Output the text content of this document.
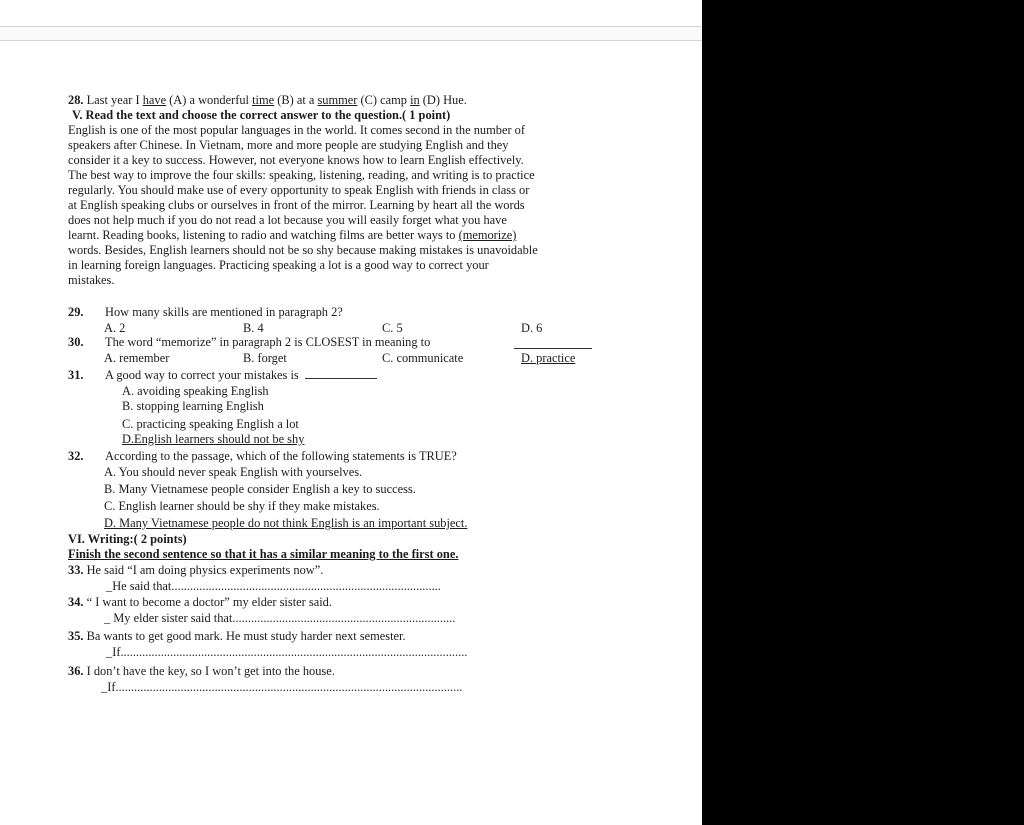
28. Last year I have (A) a wonderful time (B) at a summer (C) camp in (D) Hue.
V. Read the text and choose the correct answer to the question.( 1 point)
English is one of the most popular languages in the world. It comes second in the number of
speakers after Chinese. In Vietnam, more and more people are studying English and they
consider it a key to success. However, not everyone knows how to learn English effectively.
The best way to improve the four skills: speaking, listening, reading, and writing is to practice
regularly. You should make use of every opportunity to speak English with friends in class or
at English speaking clubs or ourselves in front of the mirror. Learning by heart all the words
does not help much if you do not read a lot because you will easily forget what you have
learnt. Reading books, listening to radio and watching films are better ways to (memorize)
words. Besides, English learners should not be so shy because making mistakes is unavoidable
in learning foreign languages. Practicing speaking a lot is a good way to correct your
mistakes.
29. How many skills are mentioned in paragraph 2?
A. 2	B. 4	C. 5	D. 6
30. The word “memorize” in paragraph 2 is CLOSEST in meaning to
A. remember	B. forget	C. communicate	D. practice
31. A good way to correct your mistakes is
A. avoiding speaking English
B. stopping learning English
C. practicing speaking English a lot
D.English learners should not be shy
32. According to the passage, which of the following statements is TRUE?
A. You should never speak English with yourselves.
B. Many Vietnamese people consider English a key to success.
C. English learner should be shy if they make mistakes.
D. Many Vietnamese people do not think English is an important subject.
VI. Writing:( 2 points)
Finish the second sentence so that it has a similar meaning to the first one.
33. He said “I am doing physics experiments now”.
_He said that.......................................................................................
34. “ I want to become a doctor” my elder sister said.
_ My elder sister said that........................................................................
35. Ba wants to get good mark. He must study harder next semester.
_If................................................................................................................
36. I don’t have the key, so I won’t get into the house.
_If................................................................................................................
